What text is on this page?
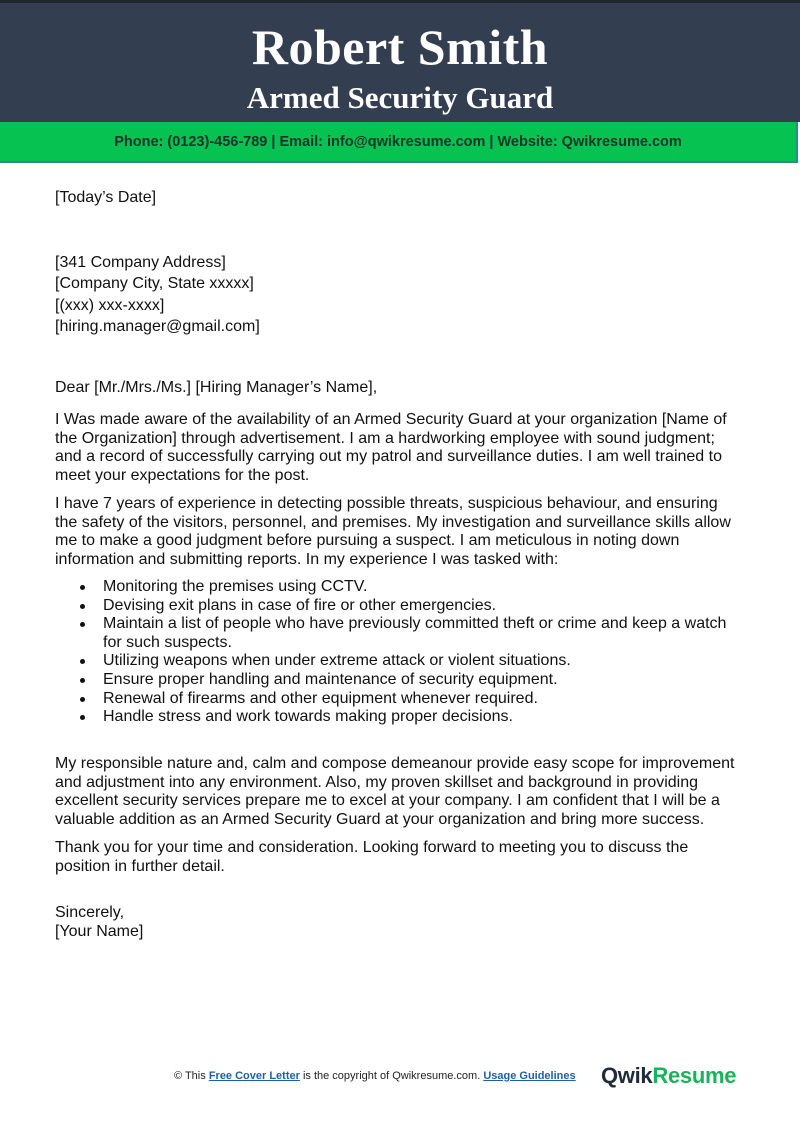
Robert Smith
Armed Security Guard
Phone: (0123)-456-789 | Email: info@qwikresume.com | Website: Qwikresume.com
[Today’s Date]
[341 Company Address]
[Company City, State xxxxx]
[(xxx) xxx-xxxx]
[hiring.manager@gmail.com]
Dear [Mr./Mrs./Ms.] [Hiring Manager’s Name],
I Was made aware of the availability of an Armed Security Guard at your organization [Name of
the Organization] through advertisement. I am a hardworking employee with sound judgment;
and a record of successfully carrying out my patrol and surveillance duties. I am well trained to
meet your expectations for the post.
I have 7 years of experience in detecting possible threats, suspicious behaviour, and ensuring
the safety of the visitors, personnel, and premises. My investigation and surveillance skills allow
me to make a good judgment before pursuing a suspect. I am meticulous in noting down
information and submitting reports. In my experience I was tasked with:
Monitoring the premises using CCTV.
Devising exit plans in case of fire or other emergencies.
Maintain a list of people who have previously committed theft or crime and keep a watch
for such suspects.
Utilizing weapons when under extreme attack or violent situations.
Ensure proper handling and maintenance of security equipment.
Renewal of firearms and other equipment whenever required.
Handle stress and work towards making proper decisions.
My responsible nature and, calm and compose demeanour provide easy scope for improvement
and adjustment into any environment. Also, my proven skillset and background in providing
excellent security services prepare me to excel at your company. I am confident that I will be a
valuable addition as an Armed Security Guard at your organization and bring more success.
Thank you for your time and consideration. Looking forward to meeting you to discuss the
position in further detail.
Sincerely,
[Your Name]
© This Free Cover Letter is the copyright of Qwikresume.com. Usage Guidelines QwikResume
